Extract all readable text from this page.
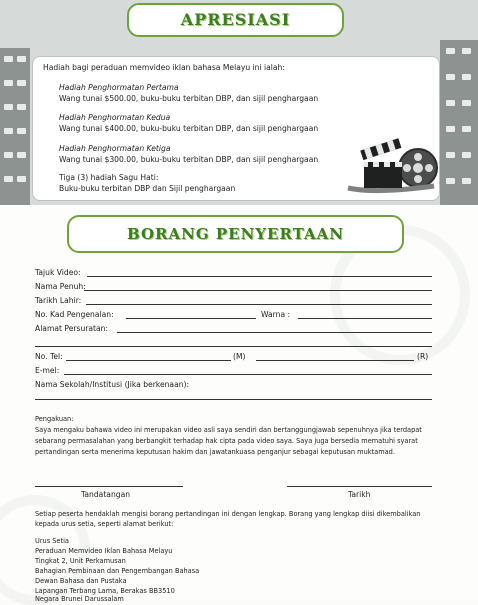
APRESIASI
Hadiah bagi peraduan memvideo iklan bahasa Melayu ini ialah:
Hadiah Penghormatan Pertama
Wang tunai $500.00, buku-buku terbitan DBP, dan sijil penghargaan
Hadiah Penghormatan Kedua
Wang tunai $400.00, buku-buku terbitan DBP, dan sijil penghargaan
Hadiah Penghormatan Ketiga
Wang tunai $300.00, buku-buku terbitan DBP, dan sijil penghargaan
Tiga (3) hadiah Sagu Hati:
Buku-buku terbitan DBP dan Sijil penghargaan
BORANG PENYERTAAN
Tajuk Video:
Nama Penuh:
Tarikh Lahir:
No. Kad Pengenalan:	Warna :
Alamat Persuratan:
No. Tel:	(M)	(R)
E-mel:
Nama Sekolah/Institusi (Jika berkenaan):
Pengakuan:
Saya mengaku bahawa video ini merupakan video asli saya sendiri dan bertanggungjawab sepenuhnya jika terdapat
sebarang permasalahan yang berbangkit terhadap hak cipta pada video saya. Saya juga bersedia mematuhi syarat
pertandingan serta menerima keputusan hakim dan jawatankuasa penganjur sebagai keputusan muktamad.
Tandatangan	Tarikh
Setiap peserta hendaklah mengisi borang pertandingan ini dengan lengkap. Borang yang lengkap diisi dikembalikan
kepada urus setia, seperti alamat berikut:
Urus Setia
Peraduan Memvideo Iklan Bahasa Melayu
Tingkat 2, Unit Perkamusan
Bahagian Pembinaan dan Pengembangan Bahasa
Dewan Bahasa dan Pustaka
Lapangan Terbang Lama, Berakas BB3510
Negara Brunei Darussalam
